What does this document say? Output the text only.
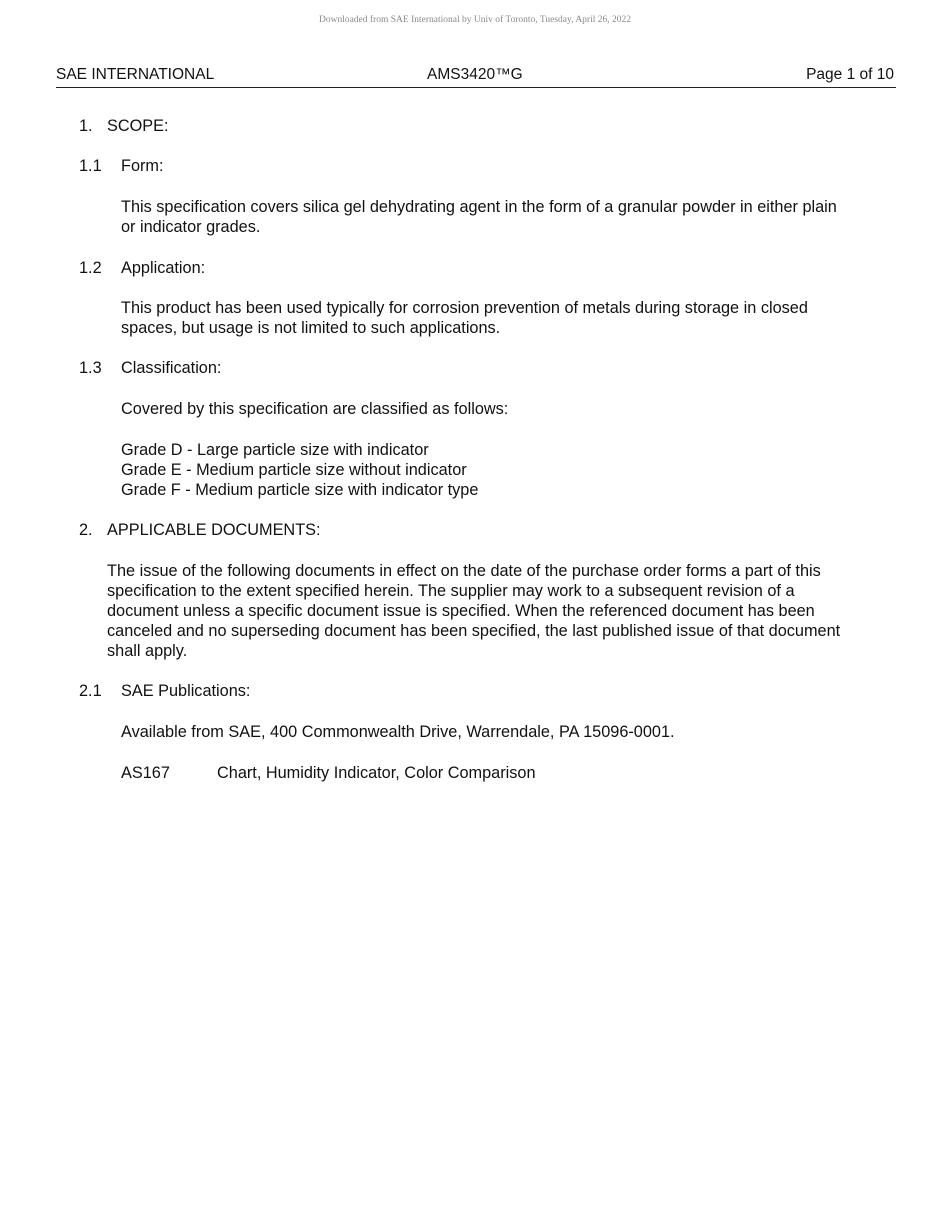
Downloaded from SAE International by Univ of Toronto, Tuesday, April 26, 2022
SAE INTERNATIONAL	AMS3420™G	Page 1 of 10
1. SCOPE:
1.1 Form:
This specification covers silica gel dehydrating agent in the form of a granular powder in either plain
or indicator grades.
1.2 Application:
This product has been used typically for corrosion prevention of metals during storage in closed
spaces, but usage is not limited to such applications.
1.3 Classification:
Covered by this specification are classified as follows:
Grade D - Large particle size with indicator
Grade E - Medium particle size without indicator
Grade F - Medium particle size with indicator type
2. APPLICABLE DOCUMENTS:
The issue of the following documents in effect on the date of the purchase order forms a part of this
specification to the extent specified herein. The supplier may work to a subsequent revision of a
document unless a specific document issue is specified. When the referenced document has been
canceled and no superseding document has been specified, the last published issue of that document
shall apply.
2.1 SAE Publications:
Available from SAE, 400 Commonwealth Drive, Warrendale, PA 15096-0001.
AS167	Chart, Humidity Indicator, Color Comparison
